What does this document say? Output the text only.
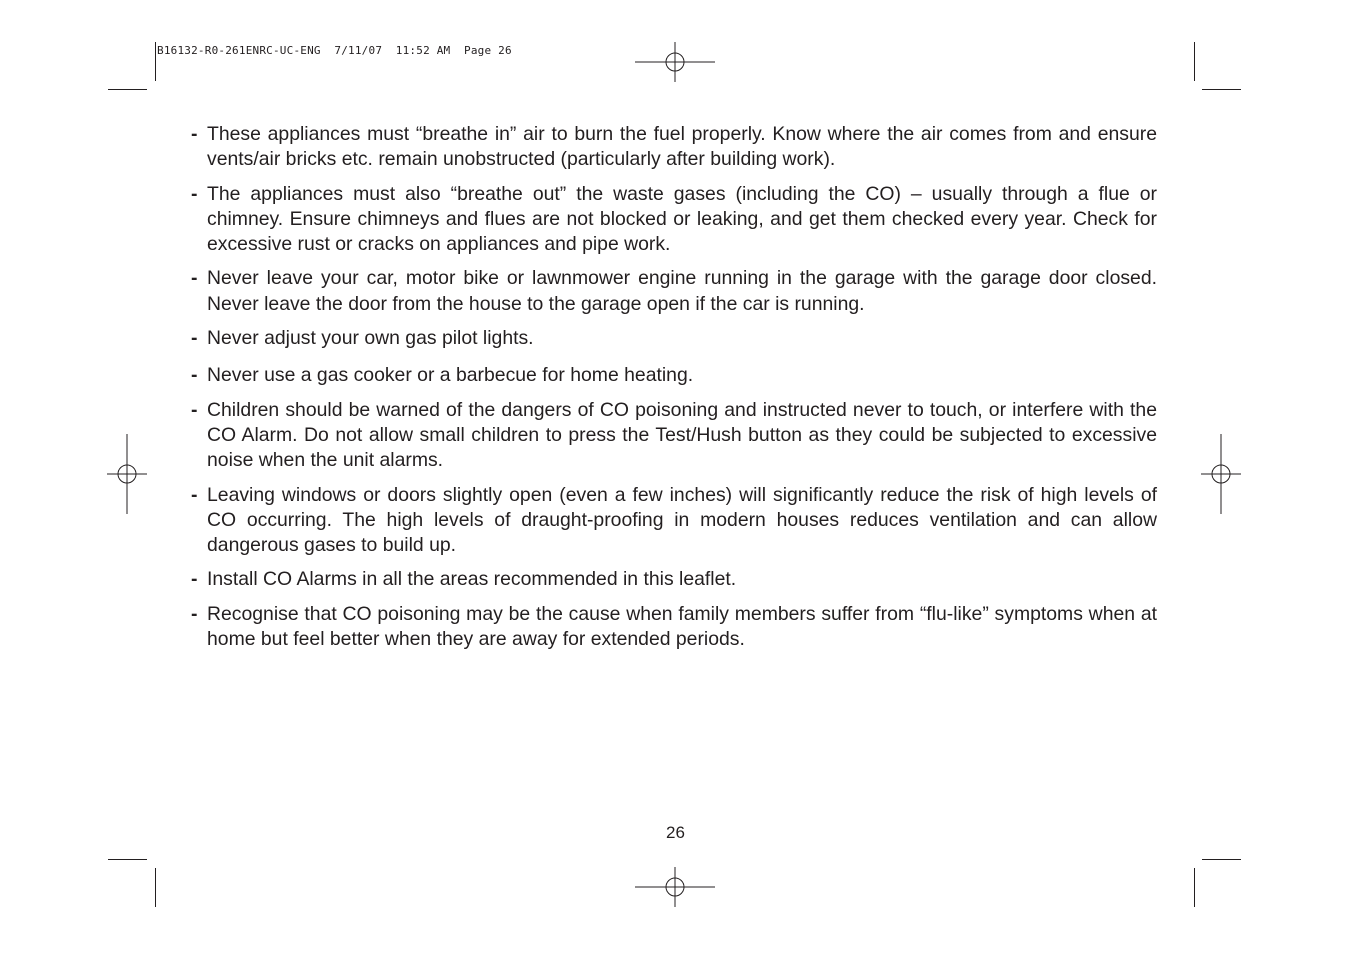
B16132-R0-261ENRC-UC-ENG  7/11/07  11:52 AM  Page 26
- These appliances must “breathe in” air to burn the fuel properly. Know where the air comes from and ensure vents/air bricks etc. remain unobstructed (particularly after building work).
- The appliances must also “breathe out” the waste gases (including the CO) – usually through a flue or chimney. Ensure chimneys and flues are not blocked or leaking, and get them checked every year. Check for excessive rust or cracks on appliances and pipe work.
- Never leave your car, motor bike or lawnmower engine running in the garage with the garage door closed. Never leave the door from the house to the garage open if the car is running.
- Never adjust your own gas pilot lights.
- Never use a gas cooker or a barbecue for home heating.
- Children should be warned of the dangers of CO poisoning and instructed never to touch, or interfere with the CO Alarm. Do not allow small children to press the Test/Hush button as they could be subjected to excessive noise when the unit alarms.
- Leaving windows or doors slightly open (even a few inches) will significantly reduce the risk of high levels of CO occurring. The high levels of draught-proofing in modern houses reduces ventilation and can allow dangerous gases to build up.
- Install CO Alarms in all the areas recommended in this leaflet.
- Recognise that CO poisoning may be the cause when family members suffer from “flu-like” symptoms when at home but feel better when they are away for extended periods.
26
